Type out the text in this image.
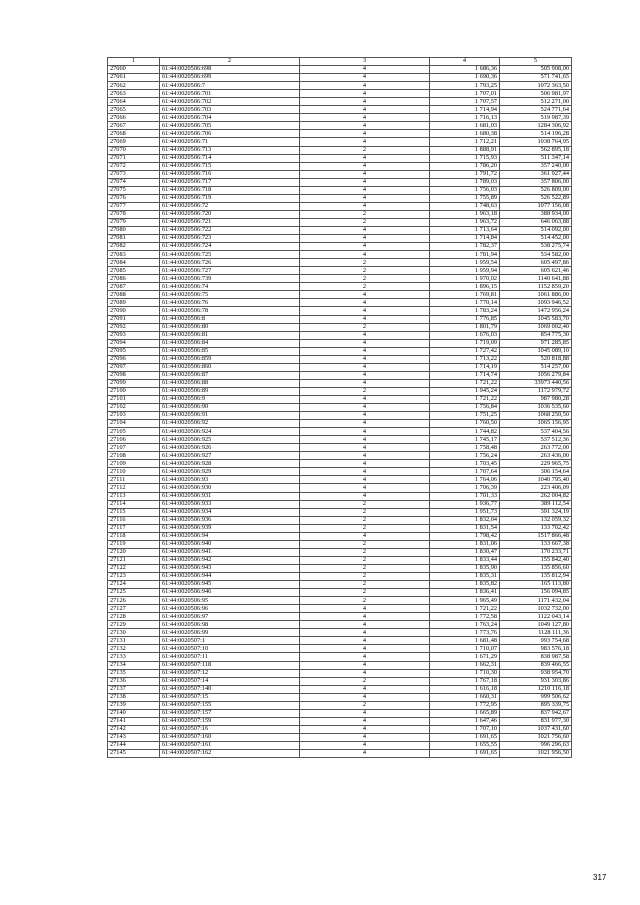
1	2	3	4	5
27060	61:44:0020506:698	4	1 686,36	505 908,00
27061	61:44:0020506:699	4	1 690,36	571 741,65
27062	61:44:0020506:7	4	1 793,25	1072 363,50
27063	61:44:0020506:701	4	1 707,01	506 981,97
27064	61:44:0020506:702	4	1 707,57	512 271,00
27065	61:44:0020506:703	4	1 714,94	524 771,64
27066	61:44:0020506:704	4	1 716,13	519 987,39
27067	61:44:0020506:705	4	1 681,03	1284 306,92
27068	61:44:0020506:706	4	1 680,38	514 196,28
27069	61:44:0020506:71	4	1 712,21	1038 764,95
27070	61:44:0020506:713	2	1 888,91	562 895,18
27071	61:44:0020506:714	4	1 715,93	511 347,14
27072	61:44:0020506:715	4	1 786,20	357 240,00
27073	61:44:0020506:716	4	1 791,72	361 927,44
27074	61:44:0020506:717	4	1 789,03	357 806,00
27075	61:44:0020506:718	4	1 756,03	526 809,00
27076	61:44:0020506:719	4	1 755,89	526 522,89
27077	61:44:0020506:72	4	1 748,63	1077 156,08
27078	61:44:0020506:720	2	1 963,18	388 934,00
27079	61:44:0020506:721	2	1 963,72	646 063,88
27080	61:44:0020506:722	4	1 713,64	514 092,00
27081	61:44:0020506:723	4	1 714,84	514 452,00
27082	61:44:0020506:724	4	1 782,37	538 275,74
27083	61:44:0020506:725	4	1 781,94	534 582,00
27084	61:44:0020506:726	2	1 959,54	605 497,86
27085	61:44:0020506:727	2	1 959,94	605 621,46
27086	61:44:0020506:739	2	1 970,02	1140 641,88
27087	61:44:0020506:74	2	1 896,15	1152 859,20
27088	61:44:0020506:75	4	1 769,81	1061 886,00
27089	61:44:0020506:76	4	1 770,14	1093 946,52
27090	61:44:0020506:78	4	1 783,24	1472 956,24
27091	61:44:0020506:8	4	1 776,85	1045 583,70
27092	61:44:0020506:80	2	1 801,79	1069 002,40
27093	61:44:0020506:81	4	1 676,03	854 775,30
27094	61:44:0020506:84	4	1 719,09	971 285,85
27095	61:44:0020506:85	4	1 727,42	1045 089,10
27096	61:44:0020506:859	4	1 713,22	520 818,88
27097	61:44:0020506:860	4	1 714,19	514 257,00
27098	61:44:0020506:87	4	1 714,74	1056 279,84
27099	61:44:0020506:88	4	1 721,22	33973 440,56
27100	61:44:0020506:89	2	1 945,24	1172 979,72
27101	61:44:0020506:9	4	1 721,22	987 980,28
27102	61:44:0020506:90	4	1 756,84	1036 535,60
27103	61:44:0020506:91	4	1 751,25	1068 250,50
27104	61:44:0020506:92	4	1 760,50	1065 156,95
27105	61:44:0020506:924	4	1 744,82	537 404,56
27106	61:44:0020506:925	4	1 745,17	537 512,36
27107	61:44:0020506:926	4	1 758,48	263 772,00
27108	61:44:0020506:927	4	1 756,24	263 436,00
27109	61:44:0020506:928	4	1 703,45	229 965,75
27110	61:44:0020506:929	4	1 707,64	306 154,64
27111	61:44:0020506:93	4	1 764,06	1040 795,40
27112	61:44:0020506:930	4	1 706,39	223 406,09
27113	61:44:0020506:931	4	1 701,33	262 004,82
27114	61:44:0020506:933	2	1 936,77	389 112,54
27115	61:44:0020506:934	2	1 951,73	391 324,19
27116	61:44:0020506:936	2	1 832,04	132 059,32
27117	61:44:0020506:939	2	1 831,54	133 702,42
27118	61:44:0020506:94	4	1 798,42	1517 866,48
27119	61:44:0020506:940	2	1 831,06	133 667,38
27120	61:44:0020506:941	2	1 830,47	170 233,71
27121	61:44:0020506:942	2	1 833,44	155 842,40
27122	61:44:0020506:943	2	1 835,90	135 856,60
27123	61:44:0020506:944	2	1 835,31	135 812,94
27124	61:44:0020506:945	2	1 835,82	165 113,80
27125	61:44:0020506:946	2	1 836,41	156 094,85
27126	61:44:0020506:95	2	1 965,49	1171 432,04
27127	61:44:0020506:96	4	1 721,22	1032 732,00
27128	61:44:0020506:97	4	1 772,58	1122 043,14
27129	61:44:0020506:98	4	1 763,24	1049 127,80
27130	61:44:0020506:99	4	1 773,76	1128 111,36
27131	61:44:0020507:1	4	1 681,48	993 754,68
27132	61:44:0020507:10	4	1 710,07	983 576,18
27133	61:44:0020507:11	4	1 671,29	838 987,58
27134	61:44:0020507:118	4	1 662,31	839 466,55
27135	61:44:0020507:12	4	1 710,30	938 954,70
27136	61:44:0020507:14	2	1 767,18	931 303,86
27137	61:44:0020507:140	4	1 616,18	1210 116,18
27138	61:44:0020507:15	4	1 660,31	999 506,62
27139	61:44:0020507:155	2	1 772,95	895 339,75
27140	61:44:0020507:157	4	1 665,89	837 942,67
27141	61:44:0020507:159	4	1 647,46	831 977,30
27142	61:44:0020507:16	4	1 707,10	1037 431,60
27143	61:44:0020507:160	4	1 691,65	1021 756,60
27144	61:44:0020507:161	4	1 655,55	996 296,63
27145	61:44:0020507:162	4	1 691,65	1021 956,50
317
